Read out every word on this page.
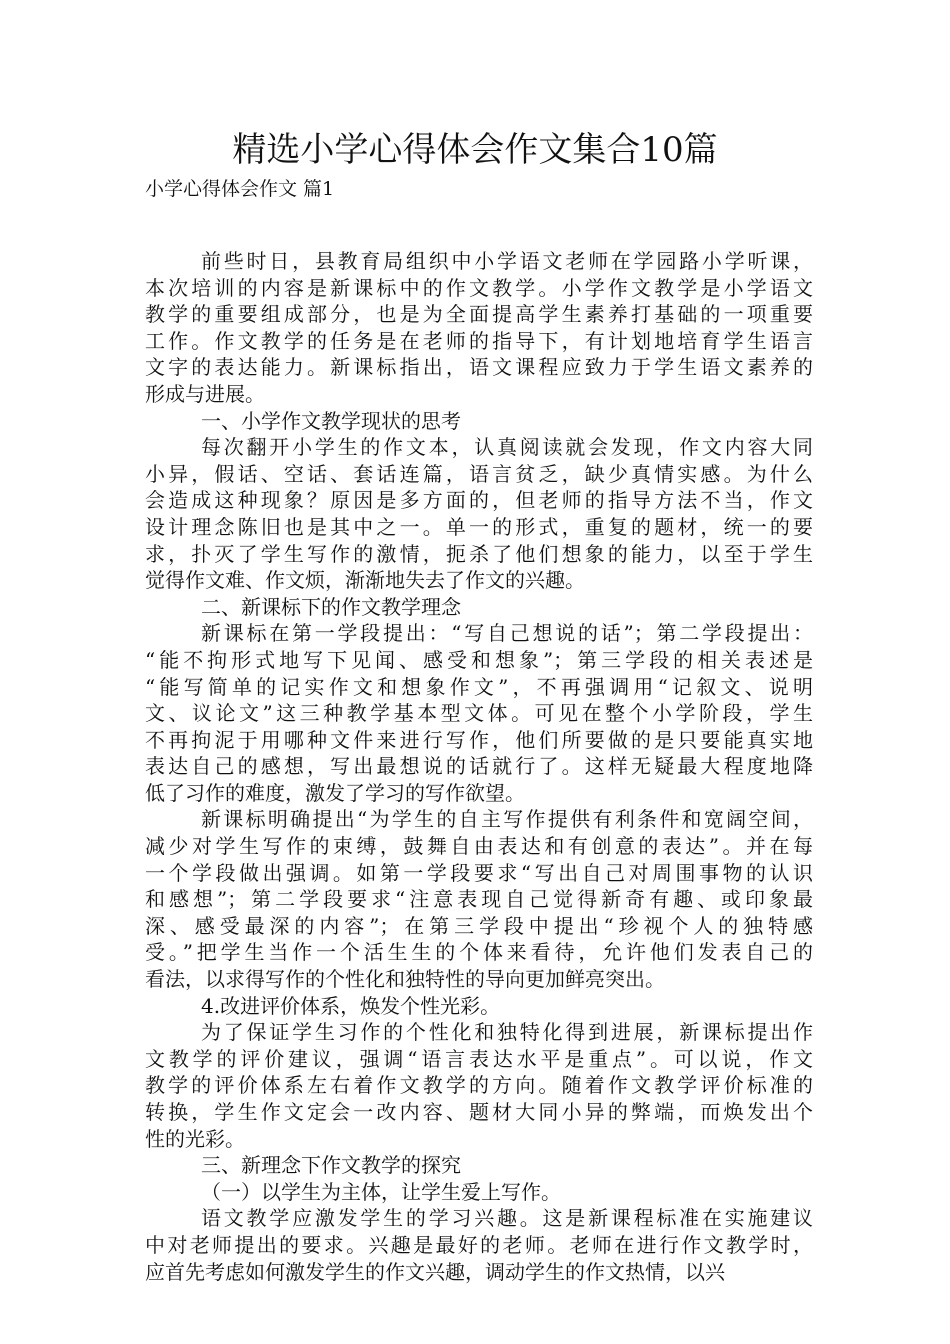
精选小学心得体会作文集合10篇
小学心得体会作文 篇1
前些时日，县教育局组织中小学语文老师在学园路小学听课，
本次培训的内容是新课标中的作文教学。小学作文教学是小学语文
教学的重要组成部分，也是为全面提高学生素养打基础的一项重要
工作。作文教学的任务是在老师的指导下，有计划地培育学生语言
文字的表达能力。新课标指出，语文课程应致力于学生语文素养的
形成与进展。
一、小学作文教学现状的思考
每次翻开小学生的作文本，认真阅读就会发现，作文内容大同
小异，假话、空话、套话连篇，语言贫乏，缺少真情实感。为什么
会造成这种现象？原因是多方面的，但老师的指导方法不当，作文
设计理念陈旧也是其中之一。单一的形式，重复的题材，统一的要
求，扑灭了学生写作的激情，扼杀了他们想象的能力，以至于学生
觉得作文难、作文烦，渐渐地失去了作文的兴趣。
二、新课标下的作文教学理念
新课标在第一学段提出：“写自己想说的话”；第二学段提出：
“能不拘形式地写下见闻、感受和想象”；第三学段的相关表述是
“能写简单的记实作文和想象作文”，不再强调用“记叙文、说明
文、议论文”这三种教学基本型文体。可见在整个小学阶段，学生
不再拘泥于用哪种文件来进行写作，他们所要做的是只要能真实地
表达自己的感想，写出最想说的话就行了。这样无疑最大程度地降
低了习作的难度，激发了学习的写作欲望。
新课标明确提出“为学生的自主写作提供有利条件和宽阔空间，
减少对学生写作的束缚，鼓舞自由表达和有创意的表达”。并在每
一个学段做出强调。如第一学段要求“写出自己对周围事物的认识
和感想”；第二学段要求“注意表现自己觉得新奇有趣、或印象最
深、感受最深的内容”；在第三学段中提出“珍视个人的独特感
受。”把学生当作一个活生生的个体来看待，允许他们发表自己的
看法，以求得写作的个性化和独特性的导向更加鲜亮突出。
4.改进评价体系，焕发个性光彩。
为了保证学生习作的个性化和独特化得到进展，新课标提出作
文教学的评价建议，强调“语言表达水平是重点”。可以说，作文
教学的评价体系左右着作文教学的方向。随着作文教学评价标准的
转换，学生作文定会一改内容、题材大同小异的弊端，而焕发出个
性的光彩。
三、新理念下作文教学的探究
（一）以学生为主体，让学生爱上写作。
语文教学应激发学生的学习兴趣。这是新课程标准在实施建议
中对老师提出的要求。兴趣是最好的老师。老师在进行作文教学时，
应首先考虑如何激发学生的作文兴趣，调动学生的作文热情，以兴
